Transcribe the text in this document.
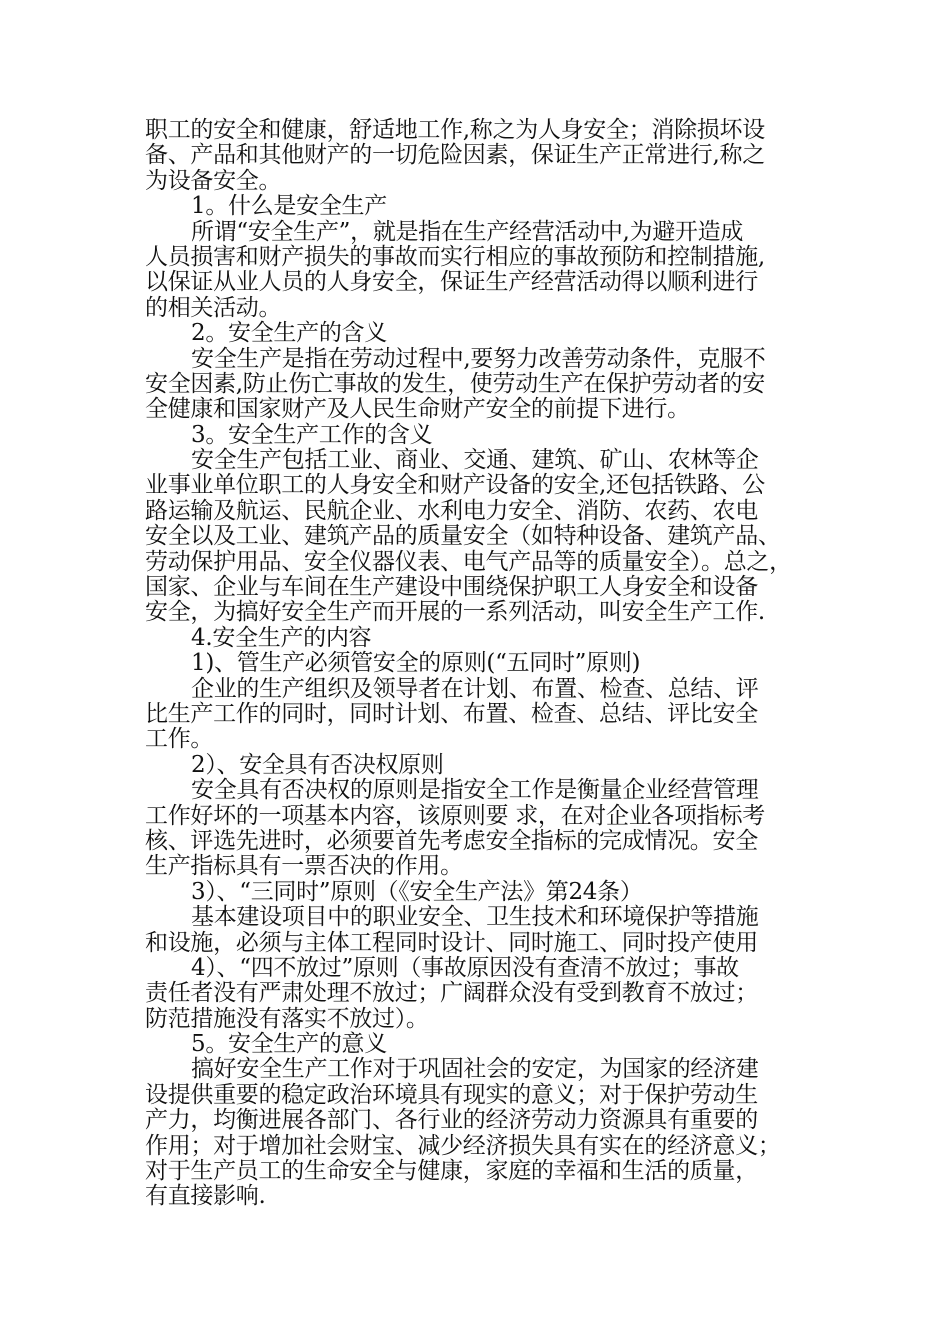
职工的安全和健康，舒适地工作,称之为人身安全；消除损坏设
备、产品和其他财产的一切危险因素，保证生产正常进行,称之
为设备安全。
1。什么是安全生产
所谓“安全生产”，就是指在生产经营活动中,为避开造成
人员损害和财产损失的事故而实行相应的事故预防和控制措施,
以保证从业人员的人身安全，保证生产经营活动得以顺利进行
的相关活动。
2。安全生产的含义
安全生产是指在劳动过程中,要努力改善劳动条件，克服不
安全因素,防止伤亡事故的发生，使劳动生产在保护劳动者的安
全健康和国家财产及人民生命财产安全的前提下进行。
3。安全生产工作的含义
安全生产包括工业、商业、交通、建筑、矿山、农林等企
业事业单位职工的人身安全和财产设备的安全,还包括铁路、公
路运输及航运、民航企业、水利电力安全、消防、农药、农电
安全以及工业、建筑产品的质量安全（如特种设备、建筑产品、
劳动保护用品、安全仪器仪表、电气产品等的质量安全）。总之，
国家、企业与车间在生产建设中围绕保护职工人身安全和设备
安全，为搞好安全生产而开展的一系列活动，叫安全生产工作.
4.安全生产的内容
1)、管生产必须管安全的原则(“五同时”原则)
企业的生产组织及领导者在计划、布置、检查、总结、评
比生产工作的同时，同时计划、布置、检查、总结、评比安全
工作。
2）、安全具有否决权原则
安全具有否决权的原则是指安全工作是衡量企业经营管理
工作好坏的一项基本内容，该原则要 求，在对企业各项指标考
核、评选先进时，必须要首先考虑安全指标的完成情况。安全
生产指标具有一票否决的作用。
3）、“三同时”原则（《安全生产法》第24条）
基本建设项目中的职业安全、卫生技术和环境保护等措施
和设施，必须与主体工程同时设计、同时施工、同时投产使用
4）、“四不放过”原则（事故原因没有查清不放过；事故
责任者没有严肃处理不放过；广阔群众没有受到教育不放过；
防范措施没有落实不放过）。
5。安全生产的意义
搞好安全生产工作对于巩固社会的安定，为国家的经济建
设提供重要的稳定政治环境具有现实的意义；对于保护劳动生
产力，均衡进展各部门、各行业的经济劳动力资源具有重要的
作用；对于增加社会财宝、减少经济损失具有实在的经济意义；
对于生产员工的生命安全与健康，家庭的幸福和生活的质量，
有直接影响.
